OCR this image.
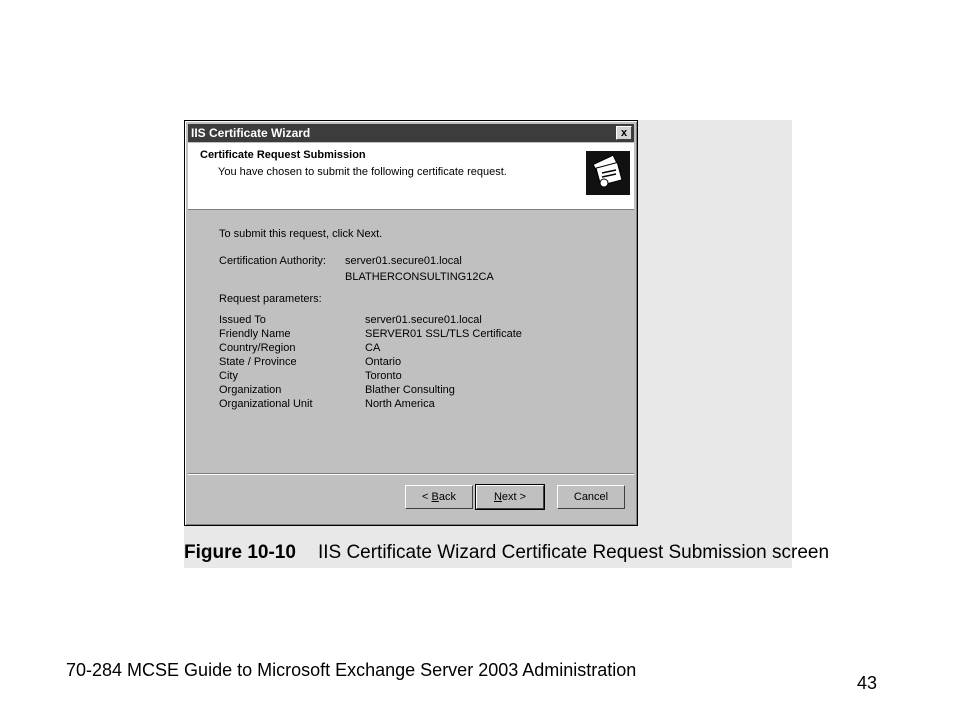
IIS Certificate Wizard	x
Certificate Request Submission
You have chosen to submit the following certificate request.
To submit this request, click Next.
Certification Authority: server01.secure01.local
BLATHERCONSULTING12CA
Request parameters:
Issued To	server01.secure01.local
Friendly Name	SERVER01 SSL/TLS Certificate
Country/Region	CA
State / Province	Ontario
City	Toronto
Organization	Blather Consulting
Organizational Unit	North America
< Back	Next >	Cancel
Figure 10-10 IIS Certificate Wizard Certificate Request Submission screen
70-284 MCSE Guide to Microsoft Exchange Server 2003 Administration
43
